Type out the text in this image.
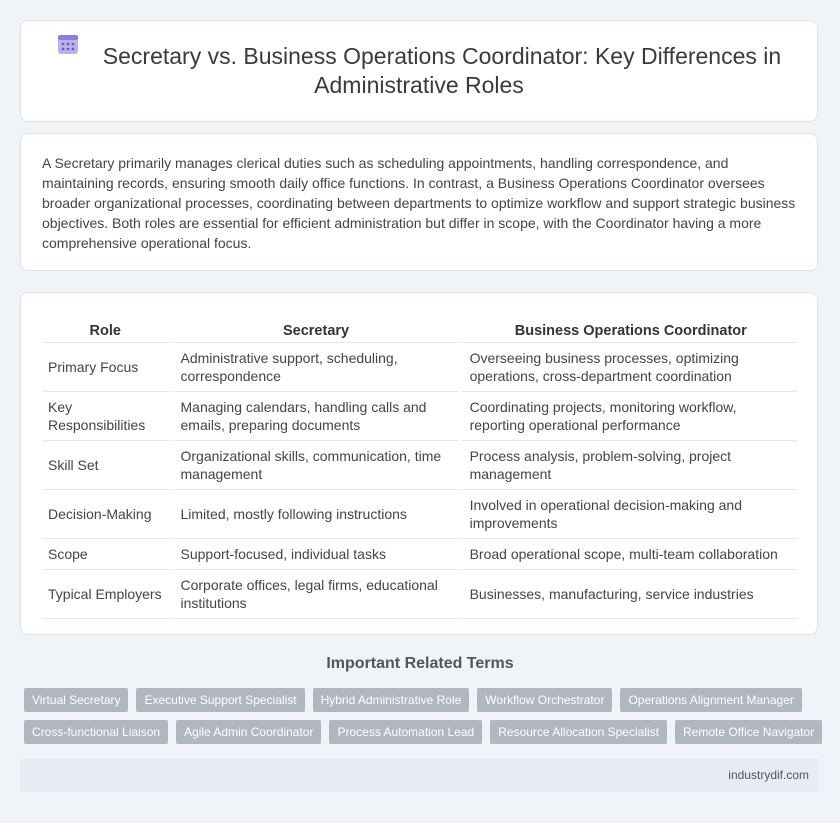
Secretary vs. Business Operations Coordinator: Key Differences in Administrative Roles

A Secretary primarily manages clerical duties such as scheduling appointments, handling correspondence, and maintaining records, ensuring smooth daily office functions. In contrast, a Business Operations Coordinator oversees broader organizational processes, coordinating between departments to optimize workflow and support strategic business objectives. Both roles are essential for efficient administration but differ in scope, with the Coordinator having a more comprehensive operational focus.

Role	Secretary	Business Operations Coordinator
Primary Focus	Administrative support, scheduling, correspondence	Overseeing business processes, optimizing operations, cross-department coordination
Key Responsibilities	Managing calendars, handling calls and emails, preparing documents	Coordinating projects, monitoring workflow, reporting operational performance
Skill Set	Organizational skills, communication, time management	Process analysis, problem-solving, project management
Decision-Making	Limited, mostly following instructions	Involved in operational decision-making and improvements
Scope	Support-focused, individual tasks	Broad operational scope, multi-team collaboration
Typical Employers	Corporate offices, legal firms, educational institutions	Businesses, manufacturing, service industries
Important Related Terms
Virtual Secretary	Executive Support Specialist	Hybrid Administrative Role	Workflow Orchestrator	Operations Alignment Manager
Cross-functional Liaison	Agile Admin Coordinator	Process Automation Lead	Resource Allocation Specialist	Remote Office Navigator
industrydif.com
